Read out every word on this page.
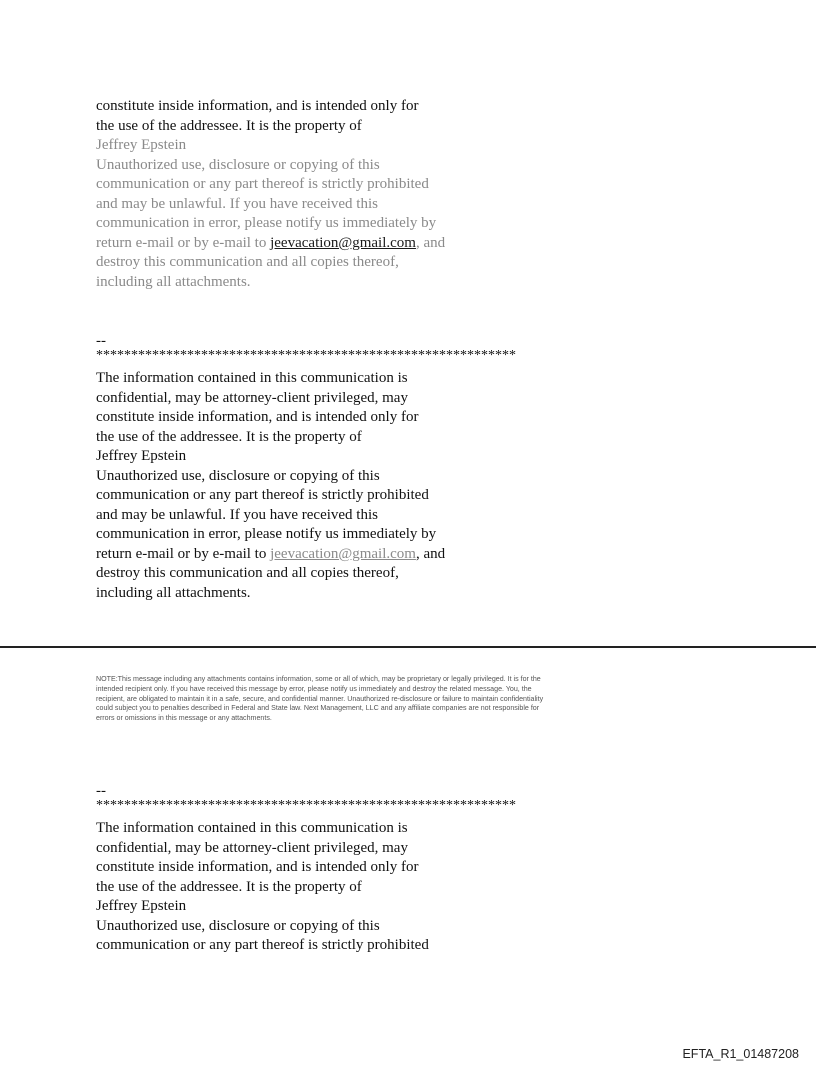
constitute inside information, and is intended only for
the use of the addressee. It is the property of
Jeffrey Epstein
Unauthorized use, disclosure or copying of this
communication or any part thereof is strictly prohibited
and may be unlawful. If you have received this
communication in error, please notify us immediately by
return e-mail or by e-mail to jeevacation@gmail.com, and
destroy this communication and all copies thereof,
including all attachments.
--
************************************************************
The information contained in this communication is
confidential, may be attorney-client privileged, may
constitute inside information, and is intended only for
the use of the addressee. It is the property of
Jeffrey Epstein
Unauthorized use, disclosure or copying of this
communication or any part thereof is strictly prohibited
and may be unlawful. If you have received this
communication in error, please notify us immediately by
return e-mail or by e-mail to jeevacation@gmail.com, and
destroy this communication and all copies thereof,
including all attachments.
NOTE:This message including any attachments contains information, some or all of which, may be proprietary or legally privileged. It is for the
intended recipient only. If you have received this message by error, please notify us immediately and destroy the related message. You, the
recipient, are obligated to maintain it in a safe, secure, and confidential manner. Unauthorized re-disclosure or failure to maintain confidentiality
could subject you to penalties described in Federal and State law. Next Management, LLC and any affiliate companies are not responsible for
errors or omissions in this message or any attachments.
--
************************************************************
The information contained in this communication is
confidential, may be attorney-client privileged, may
constitute inside information, and is intended only for
the use of the addressee. It is the property of
Jeffrey Epstein
Unauthorized use, disclosure or copying of this
communication or any part thereof is strictly prohibited
EFTA_R1_01487208
